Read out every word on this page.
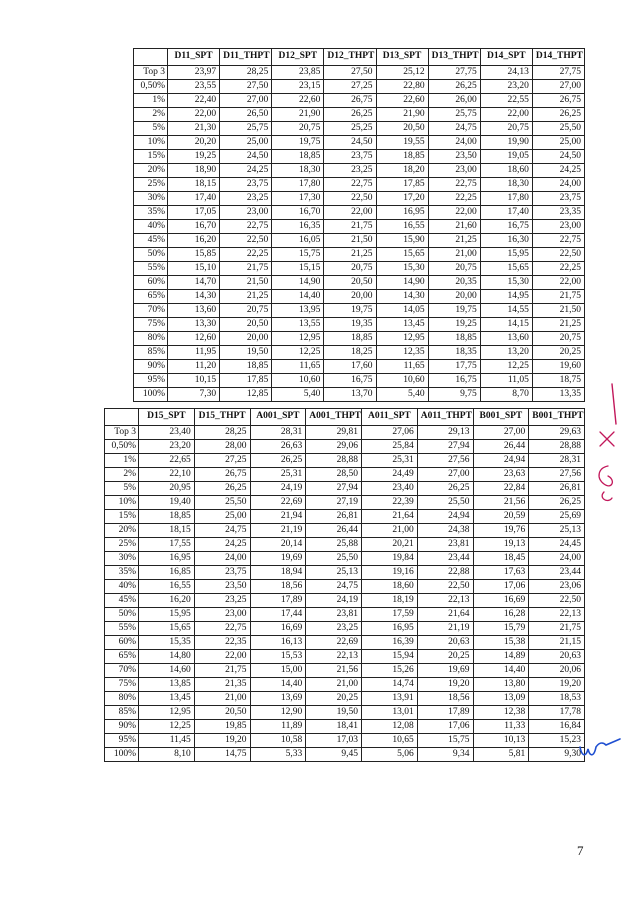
	D11_SPT	D11_THPT	D12_SPT	D12_THPT	D13_SPT	D13_THPT	D14_SPT	D14_THPT
Top 3	23,97	28,25	23,85	27,50	25,12	27,75	24,13	27,75
0,50%	23,55	27,50	23,15	27,25	22,80	26,25	23,20	27,00
1%	22,40	27,00	22,60	26,75	22,60	26,00	22,55	26,75
2%	22,00	26,50	21,90	26,25	21,90	25,75	22,00	26,25
5%	21,30	25,75	20,75	25,25	20,50	24,75	20,75	25,50
10%	20,20	25,00	19,75	24,50	19,55	24,00	19,90	25,00
15%	19,25	24,50	18,85	23,75	18,85	23,50	19,05	24,50
20%	18,90	24,25	18,30	23,25	18,20	23,00	18,60	24,25
25%	18,15	23,75	17,80	22,75	17,85	22,75	18,30	24,00
30%	17,40	23,25	17,30	22,50	17,20	22,25	17,80	23,75
35%	17,05	23,00	16,70	22,00	16,95	22,00	17,40	23,35
40%	16,70	22,75	16,35	21,75	16,55	21,60	16,75	23,00
45%	16,20	22,50	16,05	21,50	15,90	21,25	16,30	22,75
50%	15,85	22,25	15,75	21,25	15,65	21,00	15,95	22,50
55%	15,10	21,75	15,15	20,75	15,30	20,75	15,65	22,25
60%	14,70	21,50	14,90	20,50	14,90	20,35	15,30	22,00
65%	14,30	21,25	14,40	20,00	14,30	20,00	14,95	21,75
70%	13,60	20,75	13,95	19,75	14,05	19,75	14,55	21,50
75%	13,30	20,50	13,55	19,35	13,45	19,25	14,15	21,25
80%	12,60	20,00	12,95	18,85	12,95	18,85	13,60	20,75
85%	11,95	19,50	12,25	18,25	12,35	18,35	13,20	20,25
90%	11,20	18,85	11,65	17,60	11,65	17,75	12,25	19,60
95%	10,15	17,85	10,60	16,75	10,60	16,75	11,05	18,75
100%	7,30	12,85	5,40	13,70	5,40	9,75	8,70	13,35
	D15_SPT	D15_THPT	A001_SPT	A001_THPT	A011_SPT	A011_THPT	B001_SPT	B001_THPT
Top 3	23,40	28,25	28,31	29,81	27,06	29,13	27,00	29,63
0,50%	23,20	28,00	26,63	29,06	25,84	27,94	26,44	28,88
1%	22,65	27,25	26,25	28,88	25,31	27,56	24,94	28,31
2%	22,10	26,75	25,31	28,50	24,49	27,00	23,63	27,56
5%	20,95	26,25	24,19	27,94	23,40	26,25	22,84	26,81
10%	19,40	25,50	22,69	27,19	22,39	25,50	21,56	26,25
15%	18,85	25,00	21,94	26,81	21,64	24,94	20,59	25,69
20%	18,15	24,75	21,19	26,44	21,00	24,38	19,76	25,13
25%	17,55	24,25	20,14	25,88	20,21	23,81	19,13	24,45
30%	16,95	24,00	19,69	25,50	19,84	23,44	18,45	24,00
35%	16,85	23,75	18,94	25,13	19,16	22,88	17,63	23,44
40%	16,55	23,50	18,56	24,75	18,60	22,50	17,06	23,06
45%	16,20	23,25	17,89	24,19	18,19	22,13	16,69	22,50
50%	15,95	23,00	17,44	23,81	17,59	21,64	16,28	22,13
55%	15,65	22,75	16,69	23,25	16,95	21,19	15,79	21,75
60%	15,35	22,35	16,13	22,69	16,39	20,63	15,38	21,15
65%	14,80	22,00	15,53	22,13	15,94	20,25	14,89	20,63
70%	14,60	21,75	15,00	21,56	15,26	19,69	14,40	20,06
75%	13,85	21,35	14,40	21,00	14,74	19,20	13,80	19,20
80%	13,45	21,00	13,69	20,25	13,91	18,56	13,09	18,53
85%	12,95	20,50	12,90	19,50	13,01	17,89	12,38	17,78
90%	12,25	19,85	11,89	18,41	12,08	17,06	11,33	16,84
95%	11,45	19,20	10,58	17,03	10,65	15,75	10,13	15,23
100%	8,10	14,75	5,33	9,45	5,06	9,34	5,81	9,30
7
